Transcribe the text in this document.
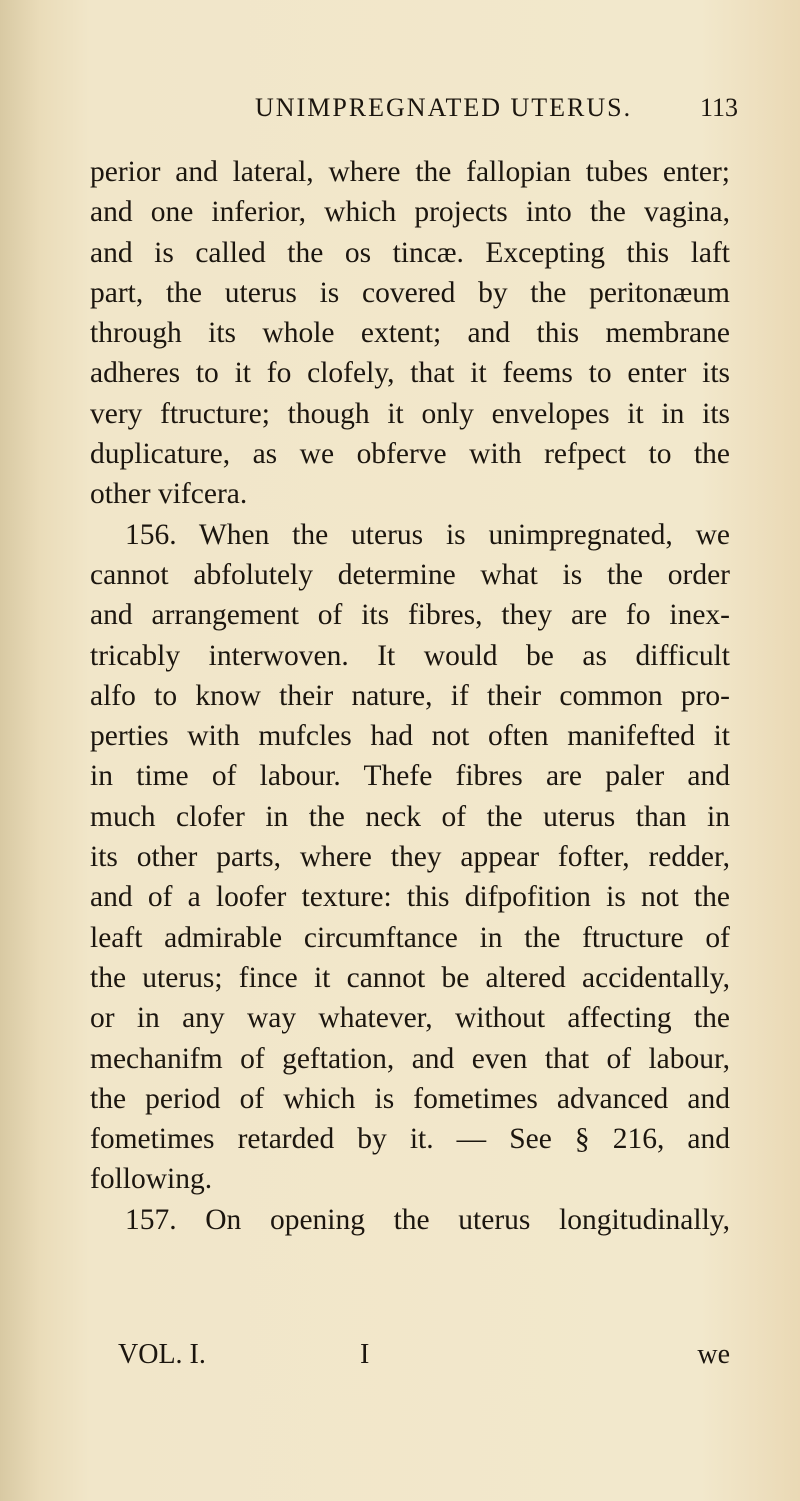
UNIMPREGNATED UTERUS.	113
perior and lateral, where the fallopian tubes enter;
and one inferior, which projects into the vagina,
and is called the os tincæ. Excepting this laft
part, the uterus is covered by the peritonæum
through its whole extent; and this membrane
adheres to it fo clofely, that it feems to enter its
very ftructure; though it only envelopes it in its
duplicature, as we obferve with refpect to the
other vifcera.
156. When the uterus is unimpregnated, we
cannot abfolutely determine what is the order
and arrangement of its fibres, they are fo inex-
tricably interwoven. It would be as difficult
alfo to know their nature, if their common pro-
perties with mufcles had not often manifefted it
in time of labour. Thefe fibres are paler and
much clofer in the neck of the uterus than in
its other parts, where they appear fofter, redder,
and of a loofer texture: this difpofition is not the
leaft admirable circumftance in the ftructure of
the uterus; fince it cannot be altered accidentally,
or in any way whatever, without affecting the
mechanifm of geftation, and even that of labour,
the period of which is fometimes advanced and
fometimes retarded by it. — See § 216, and
following.
157. On opening the uterus longitudinally,
VOL. I.	I	we
